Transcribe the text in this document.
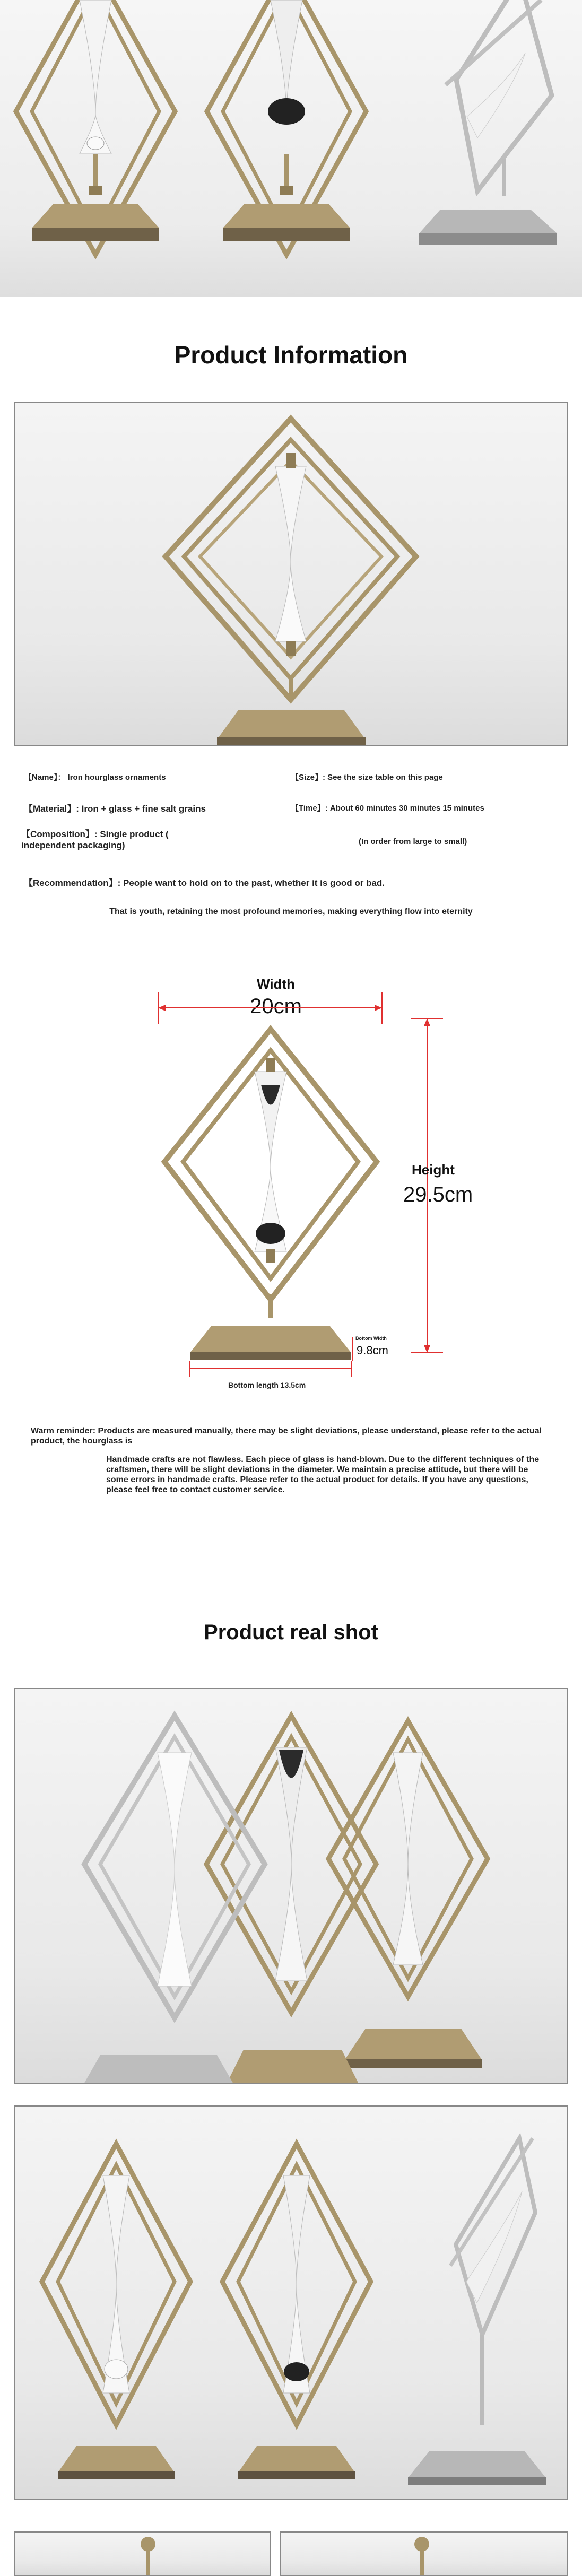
Product Information
【Name】： Iron hourglass ornaments	【Size】: See the size table on this page
【Material】: Iron + glass + fine salt grains	【Time】: About 60 minutes 30 minutes 15 minutes
【Composition】: Single product (
independent packaging)	(In order from large to small)
【Recommendation】: People want to hold on to the past, whether it is good or bad.
That is youth, retaining the most profound memories, making everything flow into eternity
Width
20cm
Height
29.5cm
Bottom Width
9.8cm
Bottom length 13.5cm
Warm reminder: Products are measured manually, there may be slight deviations, please understand, please refer to the actual product, the hourglass is
Handmade crafts are not flawless. Each piece of glass is hand-blown. Due to the different techniques of the craftsmen, there will be slight deviations in the diameter. We maintain a precise attitude, but there will be some errors in handmade crafts. Please refer to the actual product for details. If you have any questions, please feel free to contact customer service.
Product real shot
